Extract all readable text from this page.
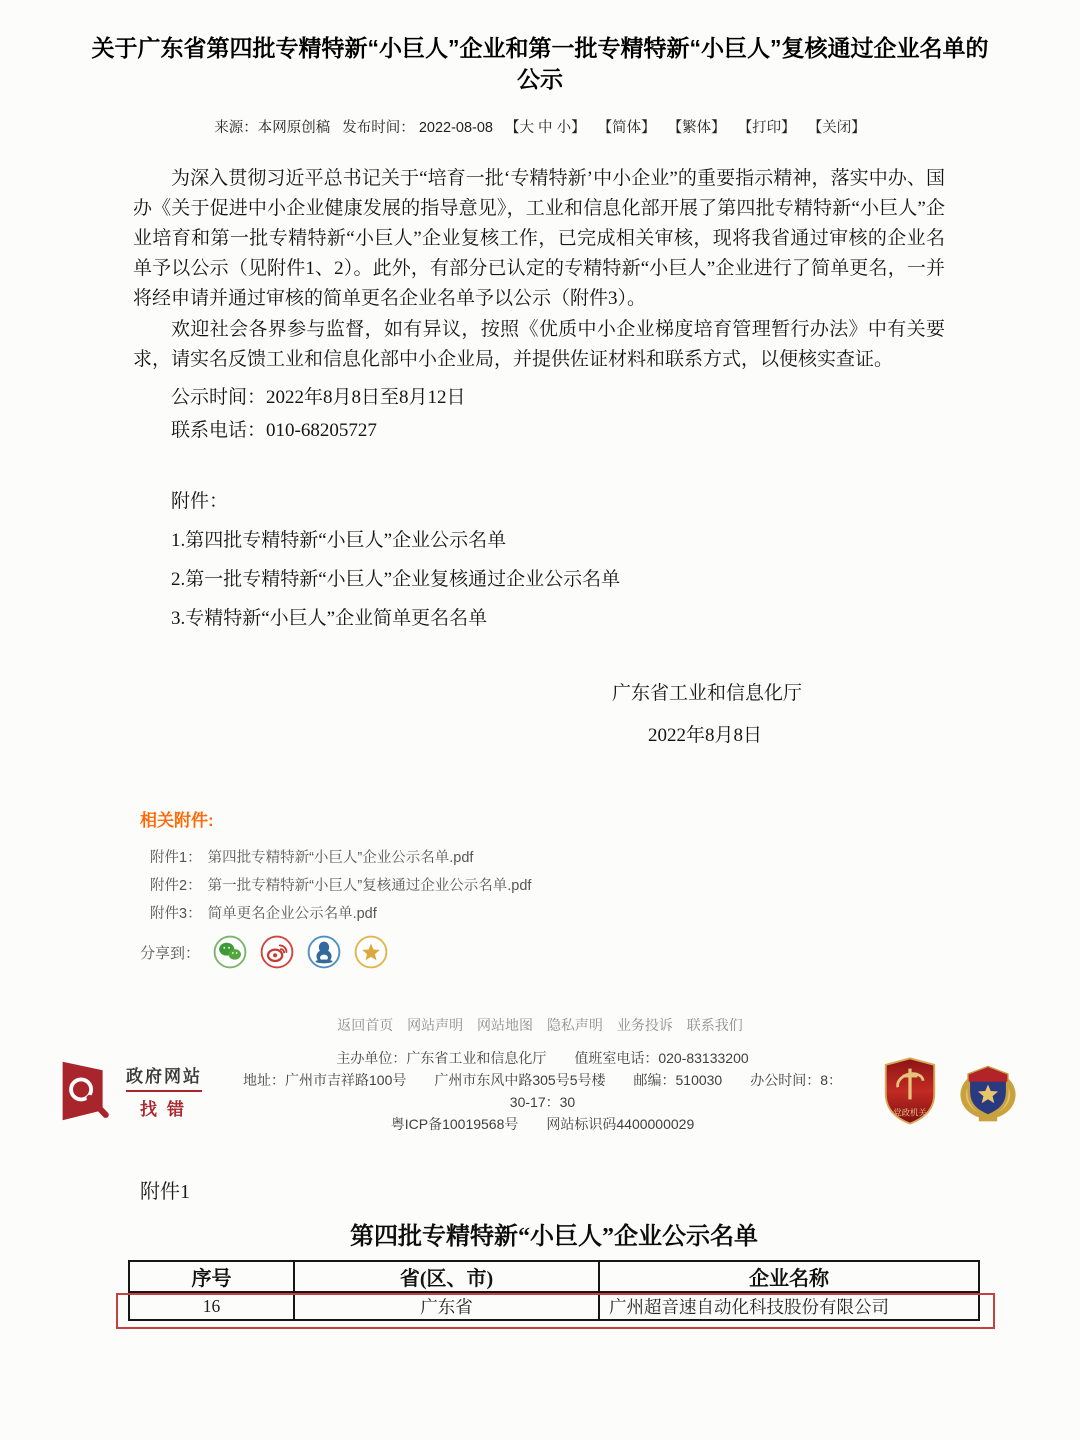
关于广东省第四批专精特新“小巨人”企业和第一批专精特新“小巨人”复核通过企业名单的公示
来源：本网原创稿 发布时间： 2022-08-08 【大 中 小】 【简体】 【繁体】 【打印】 【关闭】

为深入贯彻习近平总书记关于“培育一批‘专精特新’中小企业”的重要指示精神，落实中办、国办《关于促进中小企业健康发展的指导意见》，工业和信息化部开展了第四批专精特新“小巨人”企业培育和第一批专精特新“小巨人”企业复核工作，已完成相关审核，现将我省通过审核的企业名单予以公示（见附件1、2）。此外，有部分已认定的专精特新“小巨人”企业进行了简单更名，一并将经申请并通过审核的简单更名企业名单予以公示（附件3）。

欢迎社会各界参与监督，如有异议，按照《优质中小企业梯度培育管理暂行办法》中有关要求，请实名反馈工业和信息化部中小企业局，并提供佐证材料和联系方式，以便核实查证。

公示时间：2022年8月8日至8月12日

联系电话：010-68205727

附件：

1.第四批专精特新“小巨人”企业公示名单

2.第一批专精特新“小巨人”企业复核通过企业公示名单

3.专精特新“小巨人”企业简单更名名单

广东省工业和信息化厅

2022年8月8日

相关附件:
附件1： 第四批专精特新“小巨人”企业公示名单.pdf
附件2： 第一批专精特新“小巨人”复核通过企业公示名单.pdf
附件3： 简单更名企业公示名单.pdf
分享到：
返回首页 网站声明 网站地图 隐私声明 业务投诉 联系我们
政府网站
找错
主办单位：广东省工业和信息化厅　　值班室电话：020-83133200
地址：广州市吉祥路100号　　广州市东风中路305号5号楼　　邮编：510030　　办公时间：8：30-17：30
粤ICP备10019568号　　网站标识码4400000029
党政机关
附件1
第四批专精特新“小巨人”企业公示名单
序号	省(区、市)	企业名称
16	广东省	广州超音速自动化科技股份有限公司
